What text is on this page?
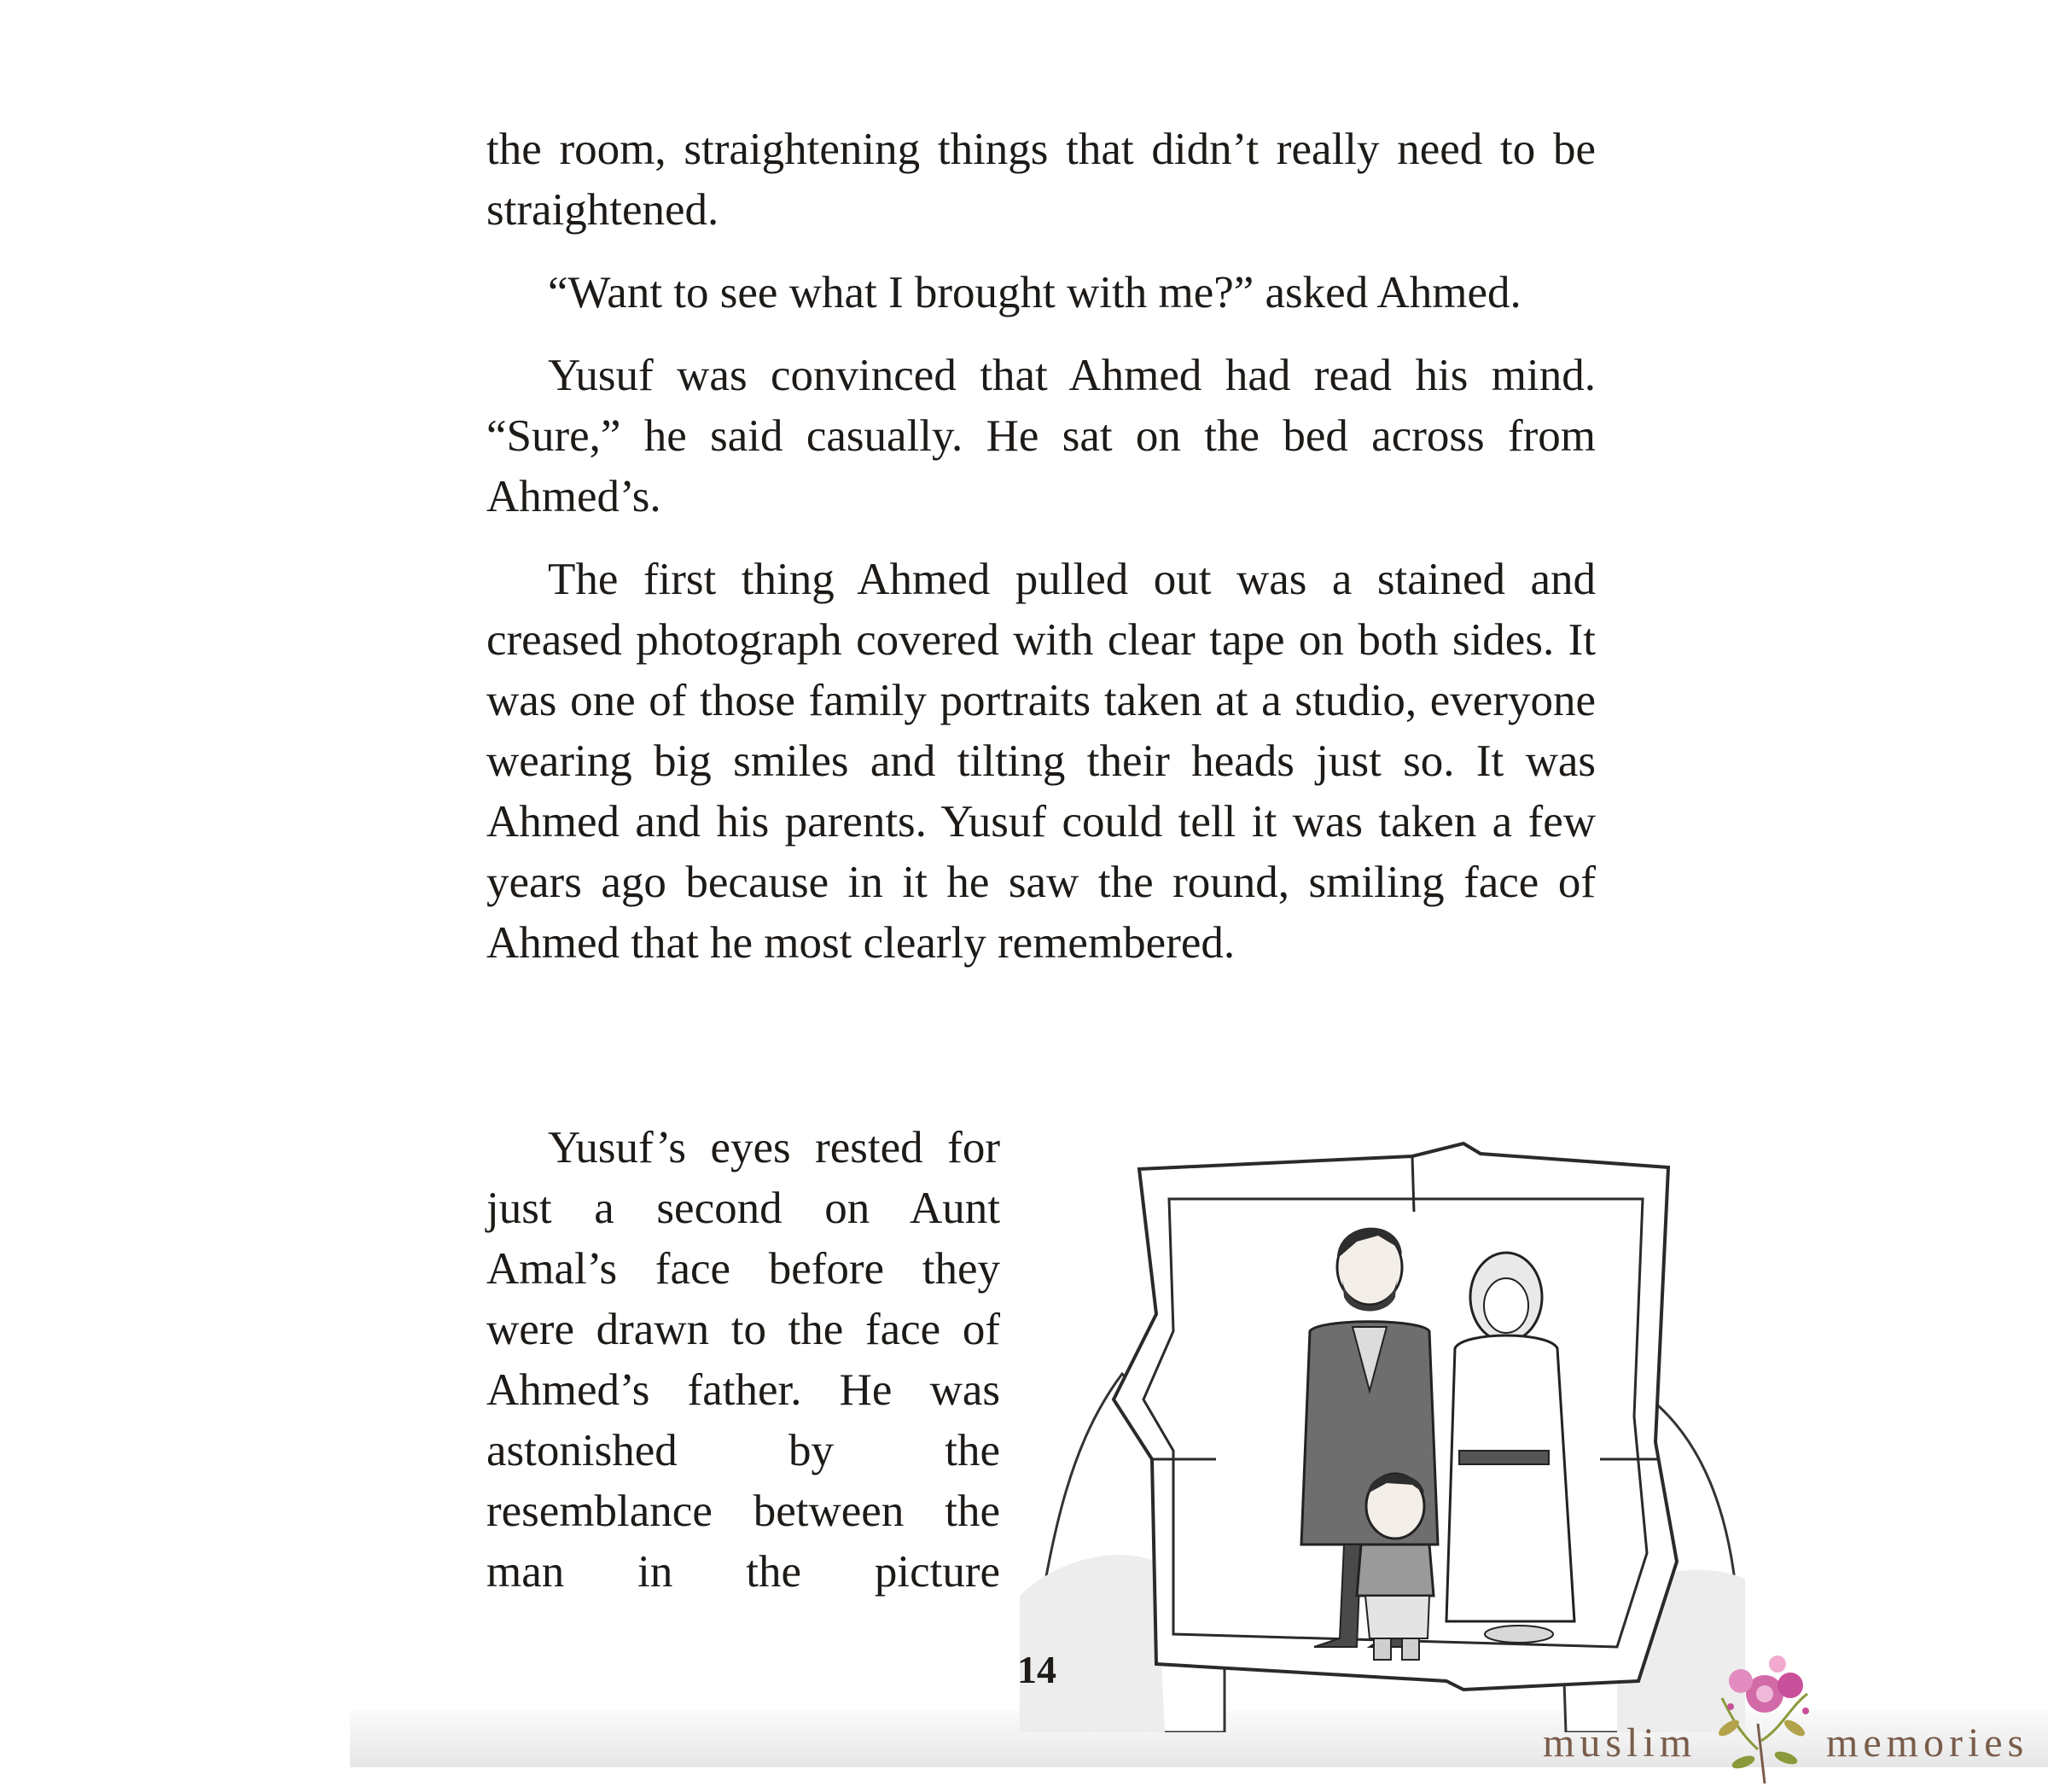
the room, straightening things that didn’t really need to be straightened.

“Want to see what I brought with me?” asked Ahmed.

Yusuf was convinced that Ahmed had read his mind. “Sure,” he said casually. He sat on the bed across from Ahmed’s.

The first thing Ahmed pulled out was a stained and creased photograph covered with clear tape on both sides. It was one of those family portraits taken at a studio, everyone wearing big smiles and tilting their heads just so. It was Ahmed and his parents. Yusuf could tell it was taken a few years ago because in it he saw the round, smiling face of Ahmed that he most clearly remembered.

Yusuf’s eyes rested for just a second on Aunt Amal’s face before they were drawn to the face of Ahmed’s father. He was astonished by the resemblance between the man in the picture

14
muslim	memories
